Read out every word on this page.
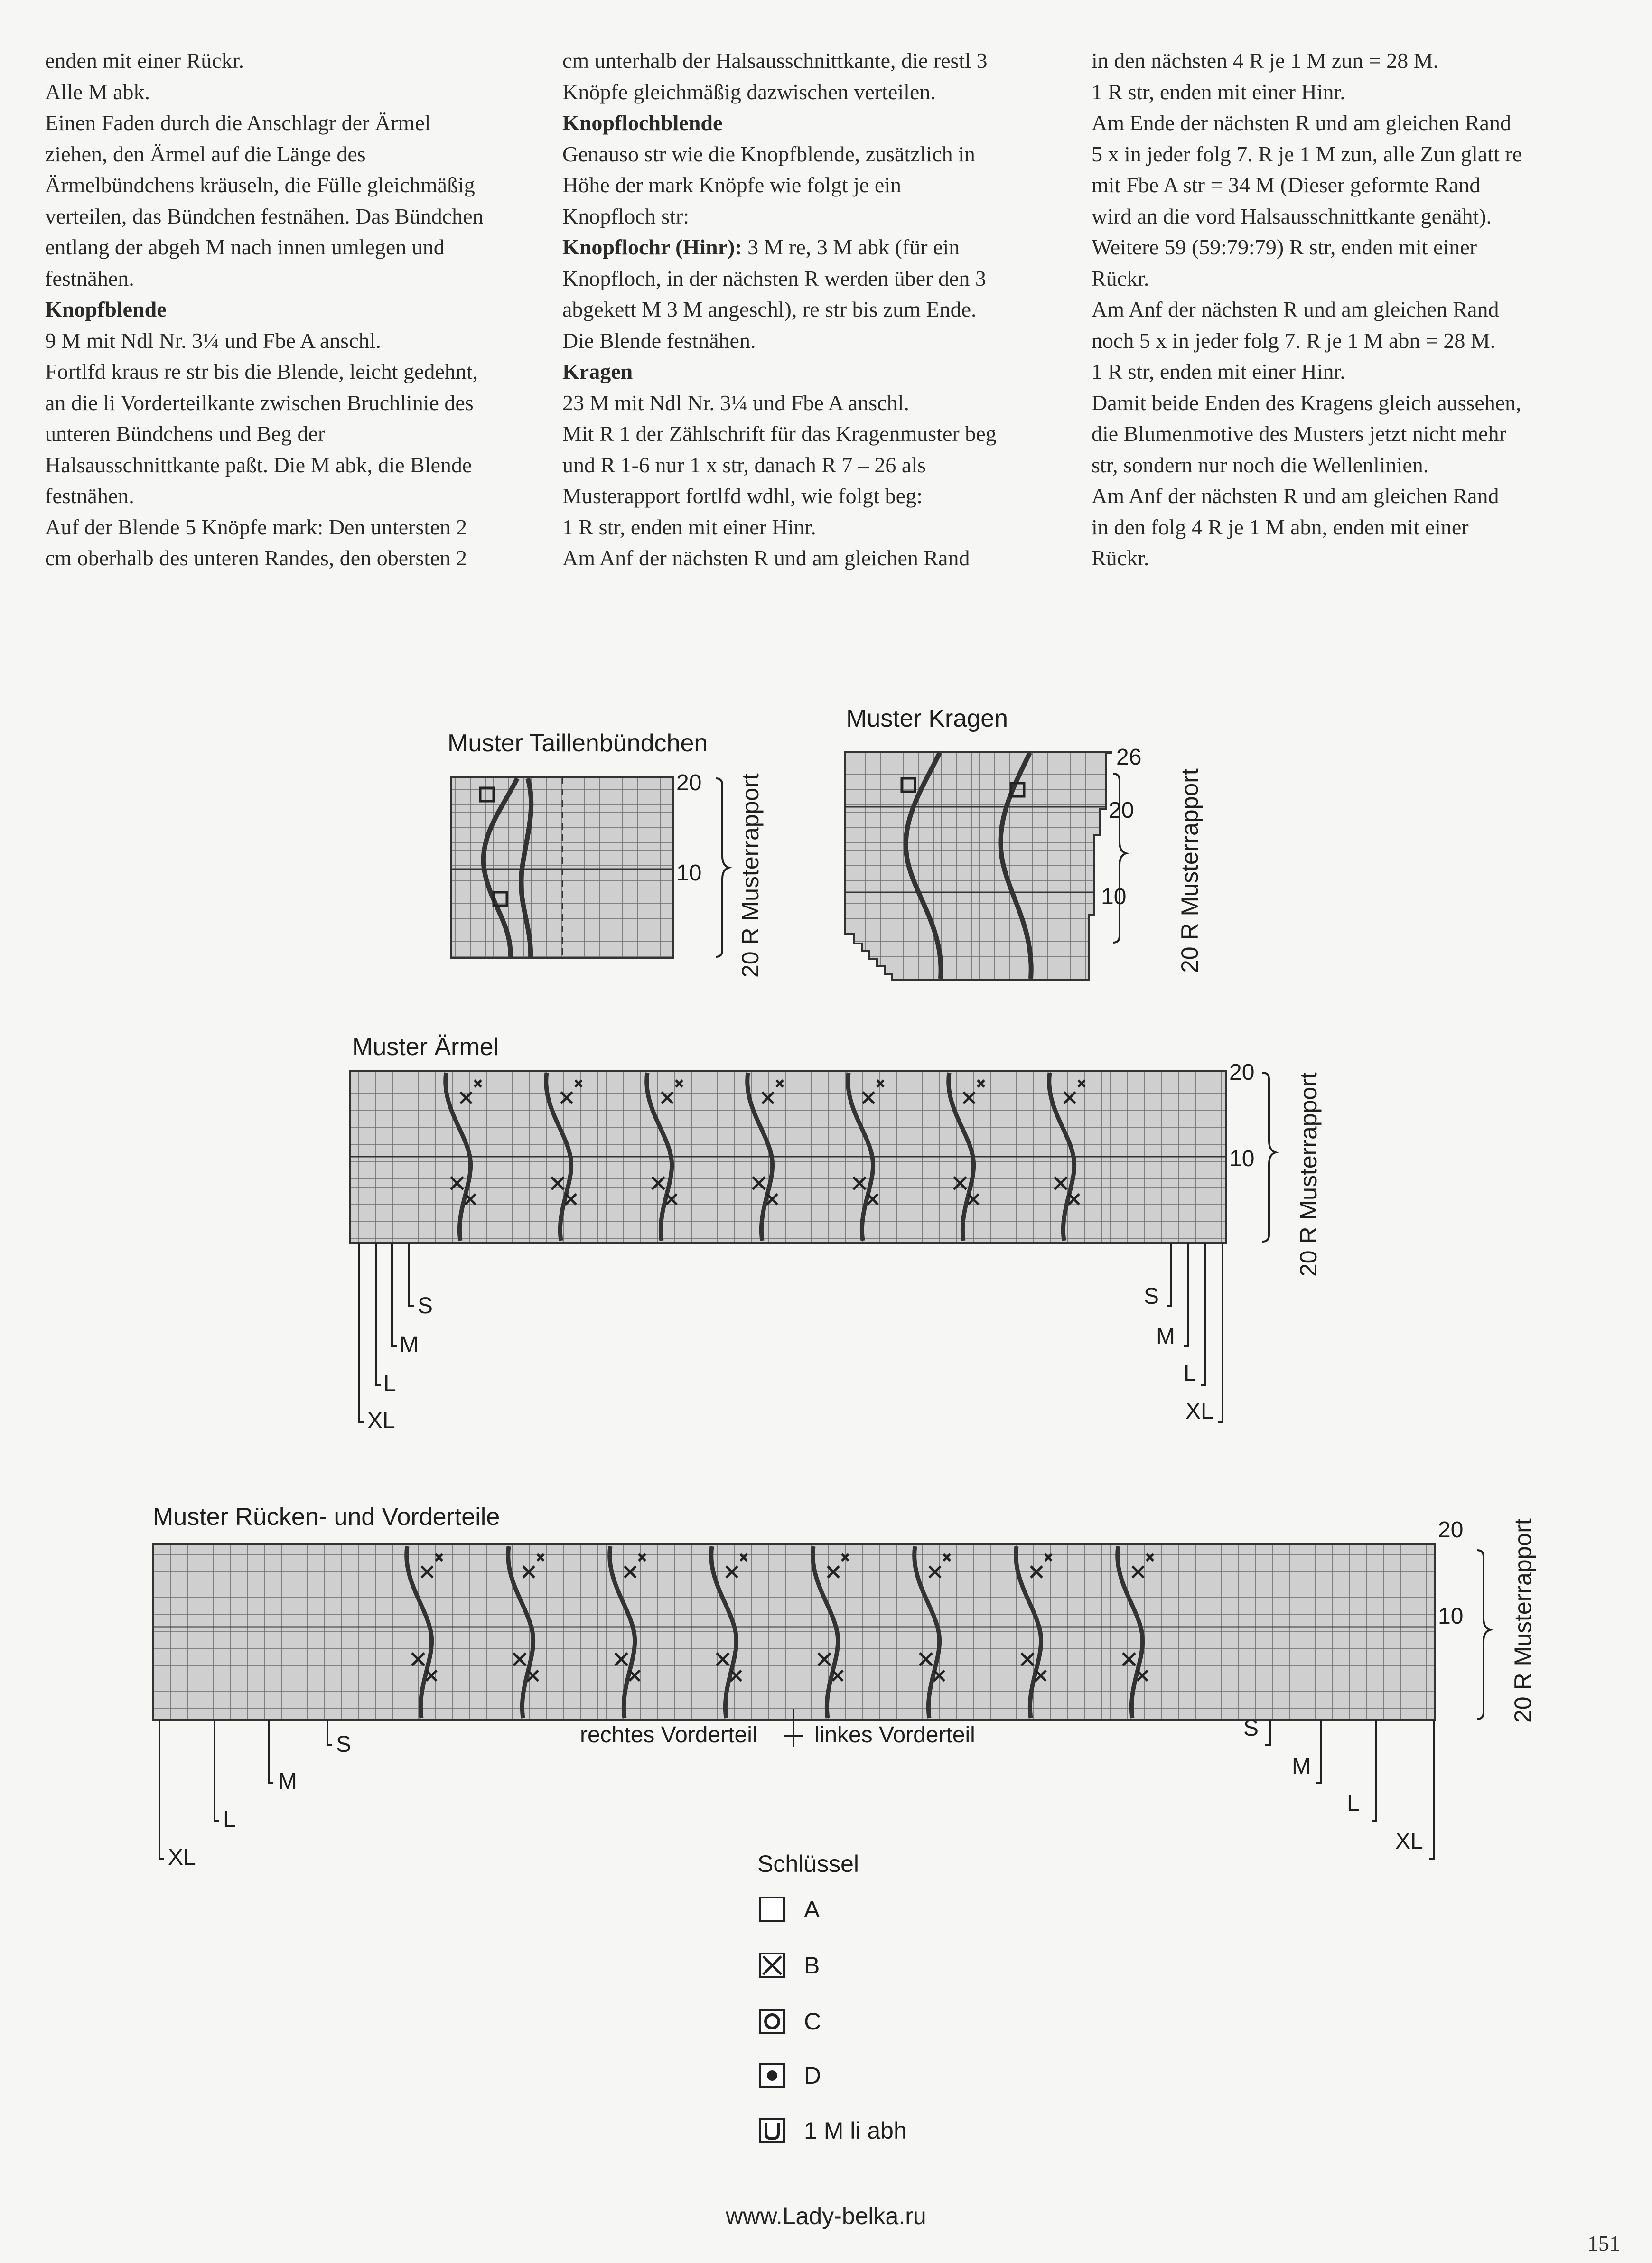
enden mit einer Rückr.

Alle M abk.

Einen Faden durch die Anschlagr der Ärmel

ziehen, den Ärmel auf die Länge des

Ärmelbündchens kräuseln, die Fülle gleichmäßig

verteilen, das Bündchen festnähen. Das Bündchen

entlang der abgeh M nach innen umlegen und

festnähen.

Knopfblende

9 M mit Ndl Nr. 3¼ und Fbe A anschl.

Fortlfd kraus re str bis die Blende, leicht gedehnt,

an die li Vorderteilkante zwischen Bruchlinie des

unteren Bündchens und Beg der

Halsausschnittkante paßt. Die M abk, die Blende

festnähen.

Auf der Blende 5 Knöpfe mark: Den untersten 2

cm oberhalb des unteren Randes, den obersten 2

cm unterhalb der Halsausschnittkante, die restl 3

Knöpfe gleichmäßig dazwischen verteilen.

Knopflochblende

Genauso str wie die Knopfblende, zusätzlich in

Höhe der mark Knöpfe wie folgt je ein

Knopfloch str:

Knopflochr (Hinr): 3 M re, 3 M abk (für ein

Knopfloch, in der nächsten R werden über den 3

abgekett M 3 M angeschl), re str bis zum Ende.

Die Blende festnähen.

Kragen

23 M mit Ndl Nr. 3¼ und Fbe A anschl.

Mit R 1 der Zählschrift für das Kragenmuster beg

und R 1-6 nur 1 x str, danach R 7 – 26 als

Musterapport fortlfd wdhl, wie folgt beg:

1 R str, enden mit einer Hinr.

Am Anf der nächsten R und am gleichen Rand

in den nächsten 4 R je 1 M zun = 28 M.

1 R str, enden mit einer Hinr.

Am Ende der nächsten R und am gleichen Rand

5 x in jeder folg 7. R je 1 M zun, alle Zun glatt re

mit Fbe A str = 34 M (Dieser geformte Rand

wird an die vord Halsausschnittkante genäht).

Weitere 59 (59:79:79) R str, enden mit einer

Rückr.

Am Anf der nächsten R und am gleichen Rand

noch 5 x in jeder folg 7. R je 1 M abn = 28 M.

1 R str, enden mit einer Hinr.

Damit beide Enden des Kragens gleich aussehen,

die Blumenmotive des Musters jetzt nicht mehr

str, sondern nur noch die Wellenlinien.

Am Anf der nächsten R und am gleichen Rand

in den folg 4 R je 1 M abn, enden mit einer

Rückr.

Muster Taillenbündchen
Muster Kragen
Muster Ärmel
Muster Rücken- und Vorderteile
20
10
26
20
10
20
10
20
10
20 R Musterrapport	20 R Musterrapport
20 R Musterrapport
20 R Musterrapport
S
M
L
XL
S
M
L
XL
S
M
L
XL
S
M
L
XL
rechtes Vorderteil	linkes Vorderteil
Schlüssel
A
B
C
D
1 M li abh
www.Lady-belka.ru
151
